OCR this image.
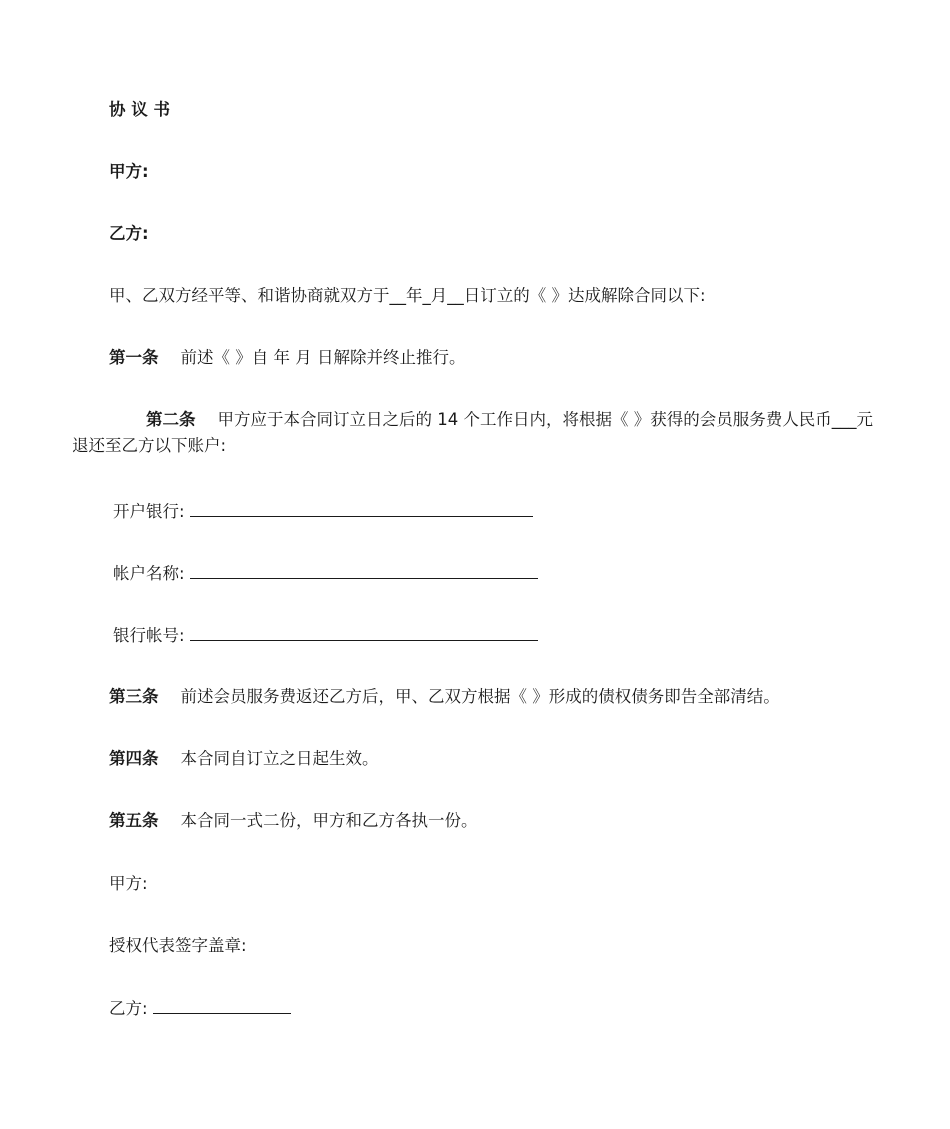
协 议 书
甲方:
乙方:
甲、乙双方经平等、和谐协商就双方于__年_月__日订立的《 》达成解除合同以下:
第一条 前述《 》自 年 月 日解除并终止推行。
第二条 甲方应于本合同订立日之后的 14 个工作日内，将根据《 》获得的会员服务费人民币___元退还至乙方以下账户:
开户银行:
帐户名称:
银行帐号:
第三条 前述会员服务费返还乙方后，甲、乙双方根据《 》形成的债权债务即告全部清结。
第四条 本合同自订立之日起生效。
第五条 本合同一式二份，甲方和乙方各执一份。
甲方:
授权代表签字盖章:
乙方:
